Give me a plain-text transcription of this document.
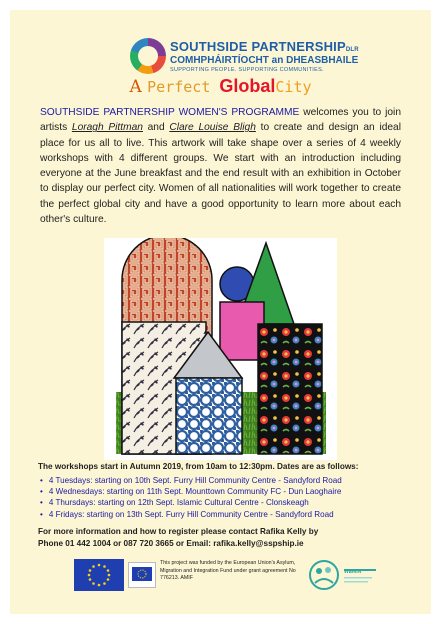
SOUTHSIDE PARTNERSHIPDLR
COMHPHÁIRTÍOCHT an DHEASBHAILE
SUPPORTING PEOPLE. SUPPORTING COMMUNITIES.
A Perfect GlobalCity
SOUTHSIDE PARTNERSHIP WOMEN'S PROGRAMME welcomes you to join artists Loragh Pittman and Clare Louise Bligh to create and design an ideal place for us all to live. This artwork will take shape over a series of 4 weekly workshops with 4 different groups. We start with an introduction including everyone at the June breakfast and the end result with an exhibition in October to display our perfect city. Women of all nationalities will work together to create the perfect global city and have a good opportunity to learn more about each other's culture.
The workshops start in Autumn 2019, from 10am to 12:30pm. Dates are as follows:
• 4 Tuesdays: starting on 10th Sept. Furry Hill Community Centre - Sandyford Road
• 4 Wednesdays: starting on 11th Sept. Mounttown Community FC - Dun Laoghaire
• 4 Thursdays: starting on 12th Sept. Islamic Cultural Centre - Clonskeagh
• 4 Fridays: starting on 13th Sept. Furry Hill Community Centre - Sandyford Road
For more information and how to register please contact Rafika Kelly by
Phone 01 442 1004 or 087 720 3665 or Email: rafika.kelly@sspship.ie
This project was funded by the European Union's Asylum, Migration and Integration Fund under grant agreement No 776213. AMIF
WEMIN
